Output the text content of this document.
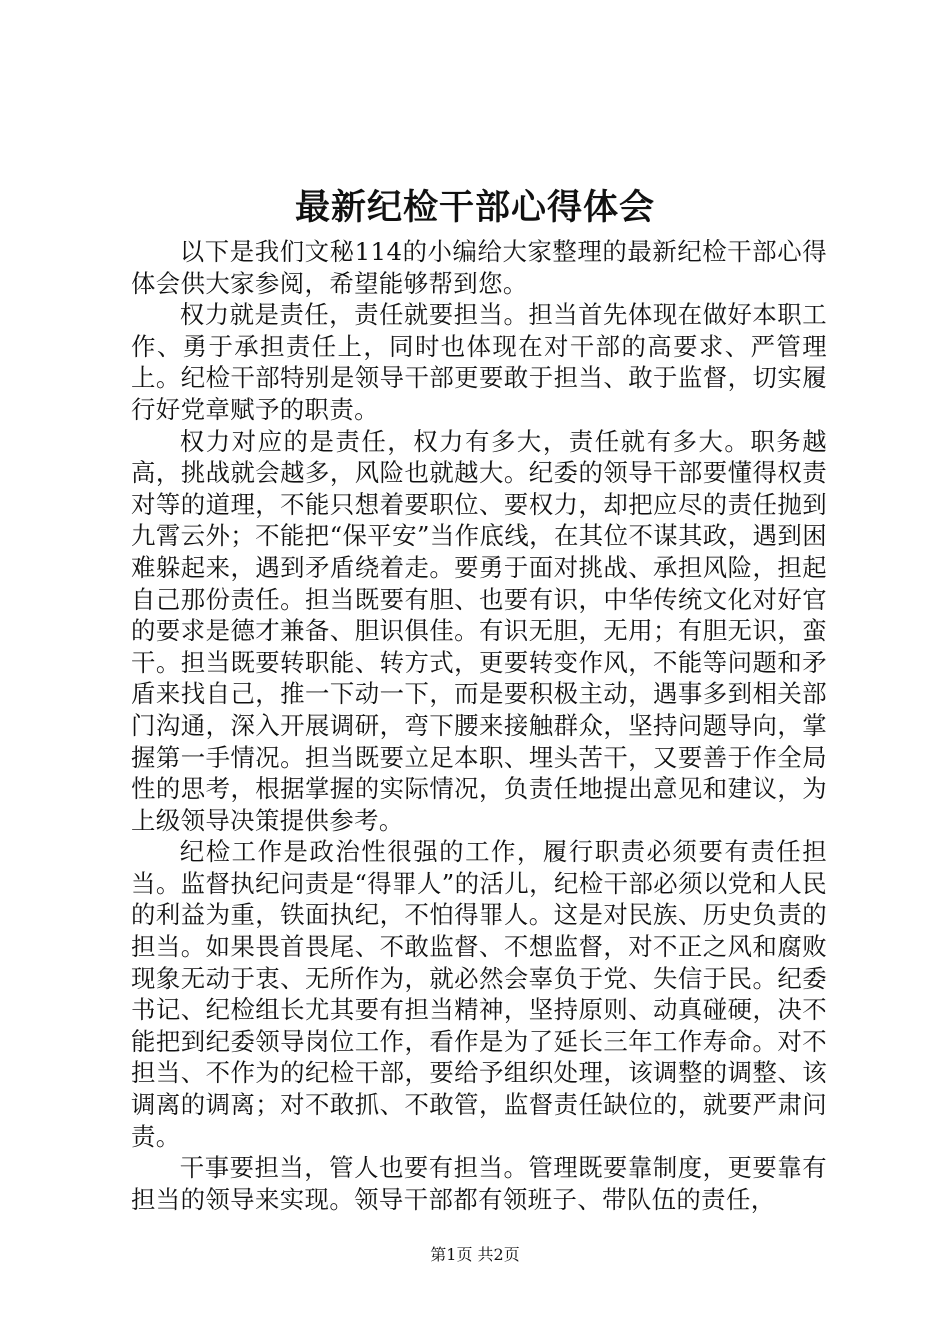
最新纪检干部心得体会

以下是我们文秘114的小编给大家整理的最新纪检干部心得体会供大家参阅，希望能够帮到您。

权力就是责任，责任就要担当。担当首先体现在做好本职工作、勇于承担责任上，同时也体现在对干部的高要求、严管理上。纪检干部特别是领导干部更要敢于担当、敢于监督，切实履行好党章赋予的职责。

权力对应的是责任，权力有多大，责任就有多大。职务越高，挑战就会越多，风险也就越大。纪委的领导干部要懂得权责对等的道理，不能只想着要职位、要权力，却把应尽的责任抛到九霄云外；不能把“保平安”当作底线，在其位不谋其政，遇到困难躲起来，遇到矛盾绕着走。要勇于面对挑战、承担风险，担起自己那份责任。担当既要有胆、也要有识，中华传统文化对好官的要求是德才兼备、胆识俱佳。有识无胆，无用；有胆无识，蛮干。担当既要转职能、转方式，更要转变作风，不能等问题和矛盾来找自己，推一下动一下，而是要积极主动，遇事多到相关部门沟通，深入开展调研，弯下腰来接触群众，坚持问题导向，掌握第一手情况。担当既要立足本职、埋头苦干，又要善于作全局性的思考，根据掌握的实际情况，负责任地提出意见和建议，为上级领导决策提供参考。

纪检工作是政治性很强的工作，履行职责必须要有责任担当。监督执纪问责是“得罪人”的活儿，纪检干部必须以党和人民的利益为重，铁面执纪，不怕得罪人。这是对民族、历史负责的担当。如果畏首畏尾、不敢监督、不想监督，对不正之风和腐败现象无动于衷、无所作为，就必然会辜负于党、失信于民。纪委书记、纪检组长尤其要有担当精神，坚持原则、动真碰硬，决不能把到纪委领导岗位工作，看作是为了延长三年工作寿命。对不担当、不作为的纪检干部，要给予组织处理，该调整的调整、该调离的调离；对不敢抓、不敢管，监督责任缺位的，就要严肃问责。

干事要担当，管人也要有担当。管理既要靠制度，更要靠有担当的领导来实现。领导干部都有领班子、带队伍的责任，

第1页 共2页
